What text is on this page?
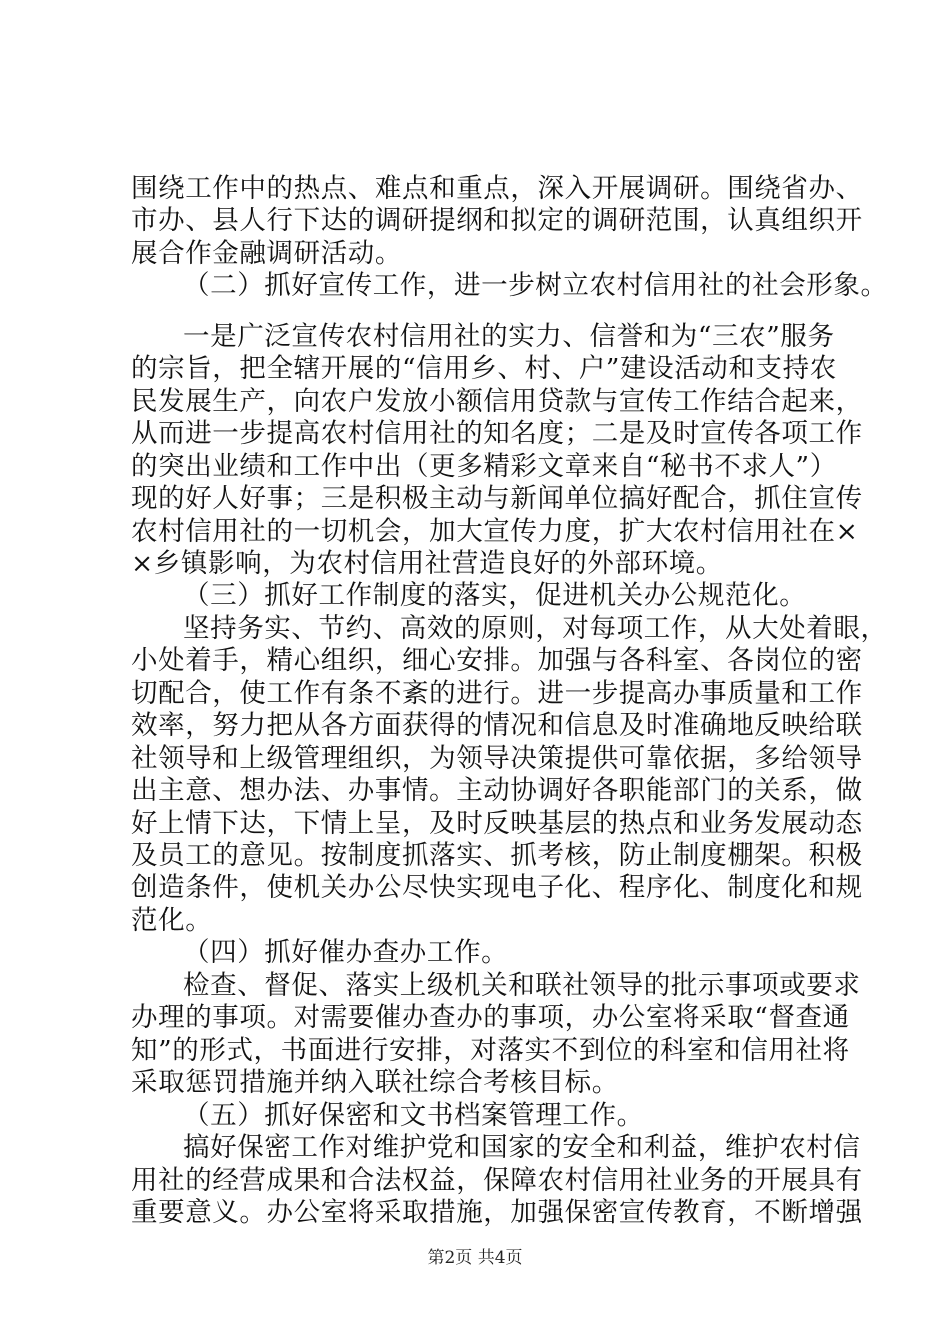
围绕工作中的热点、难点和重点，深入开展调研。围绕省办、
市办、县人行下达的调研提纲和拟定的调研范围，认真组织开
展合作金融调研活动。
（二）抓好宣传工作，进一步树立农村信用社的社会形象。
一是广泛宣传农村信用社的实力、信誉和为“三农”服务
的宗旨，把全辖开展的“信用乡、村、户”建设活动和支持农
民发展生产，向农户发放小额信用贷款与宣传工作结合起来，
从而进一步提高农村信用社的知名度；二是及时宣传各项工作
的突出业绩和工作中出（更多精彩文章来自“秘书不求人”）
现的好人好事；三是积极主动与新闻单位搞好配合，抓住宣传
农村信用社的一切机会，加大宣传力度，扩大农村信用社在×
×乡镇影响，为农村信用社营造良好的外部环境。
（三）抓好工作制度的落实，促进机关办公规范化。
坚持务实、节约、高效的原则，对每项工作，从大处着眼，
小处着手，精心组织，细心安排。加强与各科室、各岗位的密
切配合，使工作有条不紊的进行。进一步提高办事质量和工作
效率，努力把从各方面获得的情况和信息及时准确地反映给联
社领导和上级管理组织，为领导决策提供可靠依据，多给领导
出主意、想办法、办事情。主动协调好各职能部门的关系，做
好上情下达，下情上呈，及时反映基层的热点和业务发展动态
及员工的意见。按制度抓落实、抓考核，防止制度棚架。积极
创造条件，使机关办公尽快实现电子化、程序化、制度化和规
范化。
（四）抓好催办查办工作。
检查、督促、落实上级机关和联社领导的批示事项或要求
办理的事项。对需要催办查办的事项，办公室将采取“督查通
知”的形式，书面进行安排，对落实不到位的科室和信用社将
采取惩罚措施并纳入联社综合考核目标。
（五）抓好保密和文书档案管理工作。
搞好保密工作对维护党和国家的安全和利益，维护农村信
用社的经营成果和合法权益，保障农村信用社业务的开展具有
第2页 共4页
重要意义。办公室将采取措施，加强保密宣传教育，不断增强
